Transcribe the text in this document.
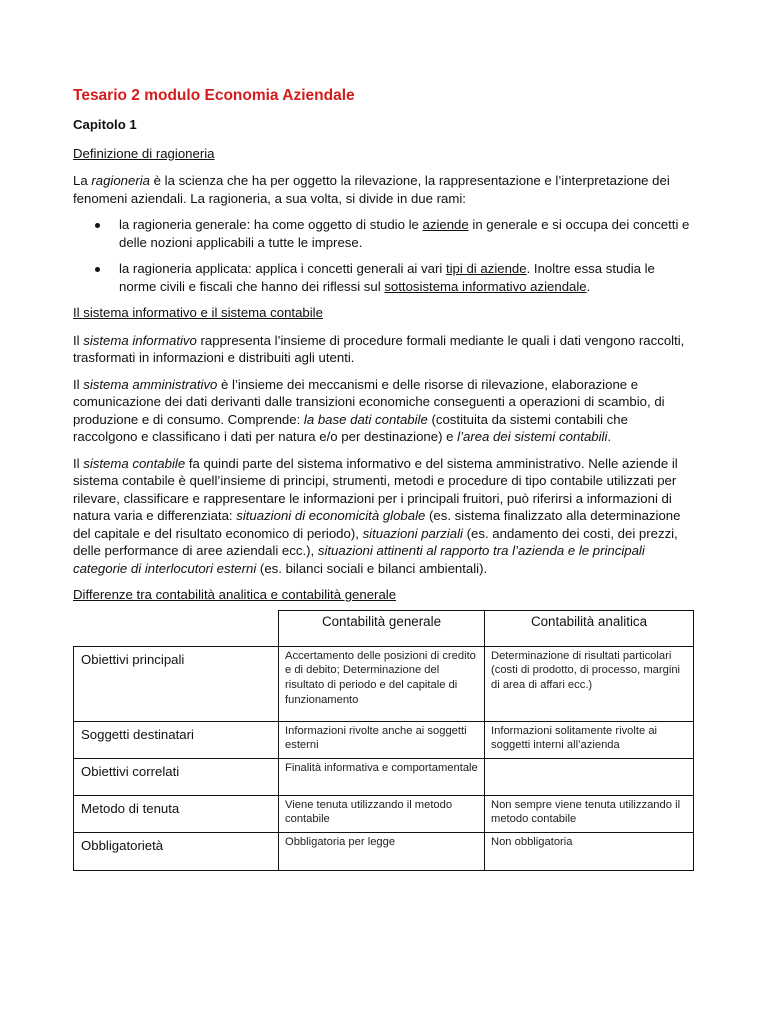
Tesario 2 modulo Economia Aziendale

Capitolo 1

Definizione di ragioneria

La ragioneria è la scienza che ha per oggetto la rilevazione, la rappresentazione e l’interpretazione dei fenomeni aziendali. La ragioneria, a sua volta, si divide in due rami:

la ragioneria generale: ha come oggetto di studio le aziende in generale e si occupa dei concetti e delle nozioni applicabili a tutte le imprese.
la ragioneria applicata: applica i concetti generali ai vari tipi di aziende. Inoltre essa studia le norme civili e fiscali che hanno dei riflessi sul sottosistema informativo aziendale.

Il sistema informativo e il sistema contabile

Il sistema informativo rappresenta l’insieme di procedure formali mediante le quali i dati vengono raccolti, trasformati in informazioni e distribuiti agli utenti.

Il sistema amministrativo è l’insieme dei meccanismi e delle risorse di rilevazione, elaborazione e comunicazione dei dati derivanti dalle transizioni economiche conseguenti a operazioni di scambio, di produzione e di consumo. Comprende: la base dati contabile (costituita da sistemi contabili che raccolgono e classificano i dati per natura e/o per destinazione) e l’area dei sistemi contabili.

Il sistema contabile fa quindi parte del sistema informativo e del sistema amministrativo. Nelle aziende il sistema contabile è quell’insieme di principi, strumenti, metodi e procedure di tipo contabile utilizzati per rilevare, classificare e rappresentare le informazioni per i principali fruitori, può riferirsi a informazioni di natura varia e differenziata: situazioni di economicità globale (es. sistema finalizzato alla determinazione del capitale e del risultato economico di periodo), situazioni parziali (es. andamento dei costi, dei prezzi, delle performance di aree aziendali ecc.), situazioni attinenti al rapporto tra l’azienda e le principali categorie di interlocutori esterni (es. bilanci sociali e bilanci ambientali).

Differenze tra contabilità analitica e contabilità generale

	Contabilità generale	Contabilità analitica
Obiettivi principali	Accertamento delle posizioni di credito e di debito; Determinazione del risultato di periodo e del capitale di funzionamento	Determinazione di risultati particolari (costi di prodotto, di processo, margini di area di affari ecc.)
Soggetti destinatari	Informazioni rivolte anche ai soggetti esterni	Informazioni solitamente rivolte ai soggetti interni all’azienda
Obiettivi correlati	Finalità informativa e comportamentale	
Metodo di tenuta	Viene tenuta utilizzando il metodo contabile	Non sempre viene tenuta utilizzando il metodo contabile
Obbligatorietà	Obbligatoria per legge	Non obbligatoria
